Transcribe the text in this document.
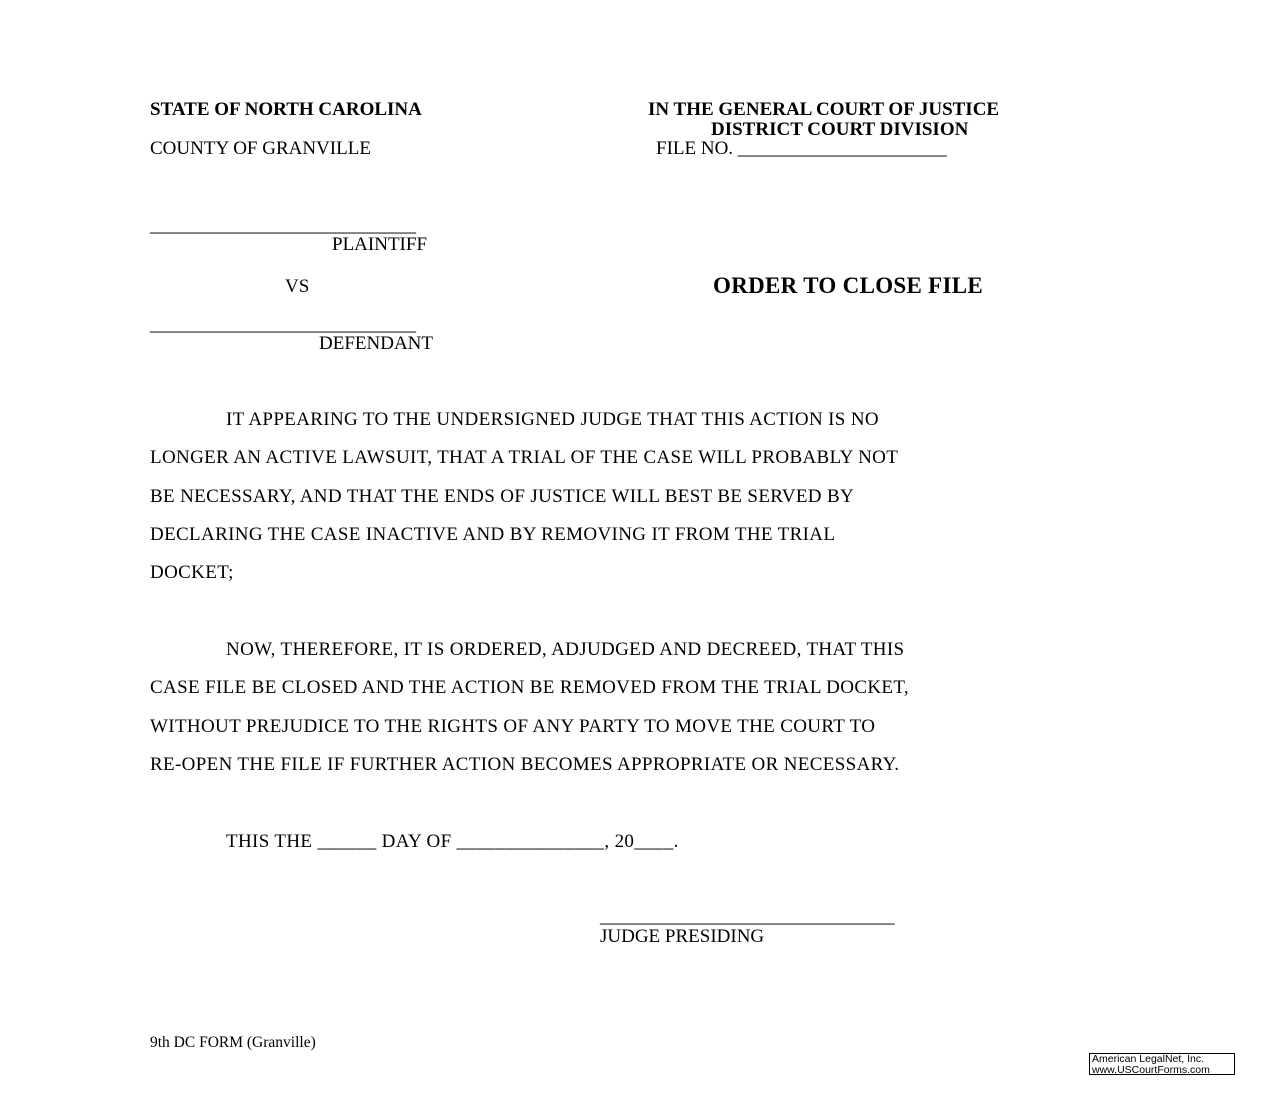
STATE OF NORTH CAROLINA
COUNTY OF GRANVILLE
IN THE GENERAL COURT OF JUSTICE
DISTRICT COURT DIVISION
FILE NO. ______________________
____________________________
PLAINTIFF
VS
____________________________
DEFENDANT
ORDER TO CLOSE FILE
IT APPEARING TO THE UNDERSIGNED JUDGE THAT THIS ACTION IS NO
LONGER AN ACTIVE LAWSUIT, THAT A TRIAL OF THE CASE WILL PROBABLY NOT
BE NECESSARY, AND THAT THE ENDS OF JUSTICE WILL BEST BE SERVED BY
DECLARING THE CASE INACTIVE AND BY REMOVING IT FROM THE TRIAL
DOCKET;
NOW, THEREFORE, IT IS ORDERED, ADJUDGED AND DECREED, THAT THIS
CASE FILE BE CLOSED AND THE ACTION BE REMOVED FROM THE TRIAL DOCKET,
WITHOUT PREJUDICE TO THE RIGHTS OF ANY PARTY TO MOVE THE COURT TO
RE-OPEN THE FILE IF FURTHER ACTION BECOMES APPROPRIATE OR NECESSARY.
THIS THE ______ DAY OF _______________, 20____.
_______________________________
JUDGE PRESIDING
9th DC FORM (Granville)
American LegalNet, Inc.
www.USCourtForms.com
